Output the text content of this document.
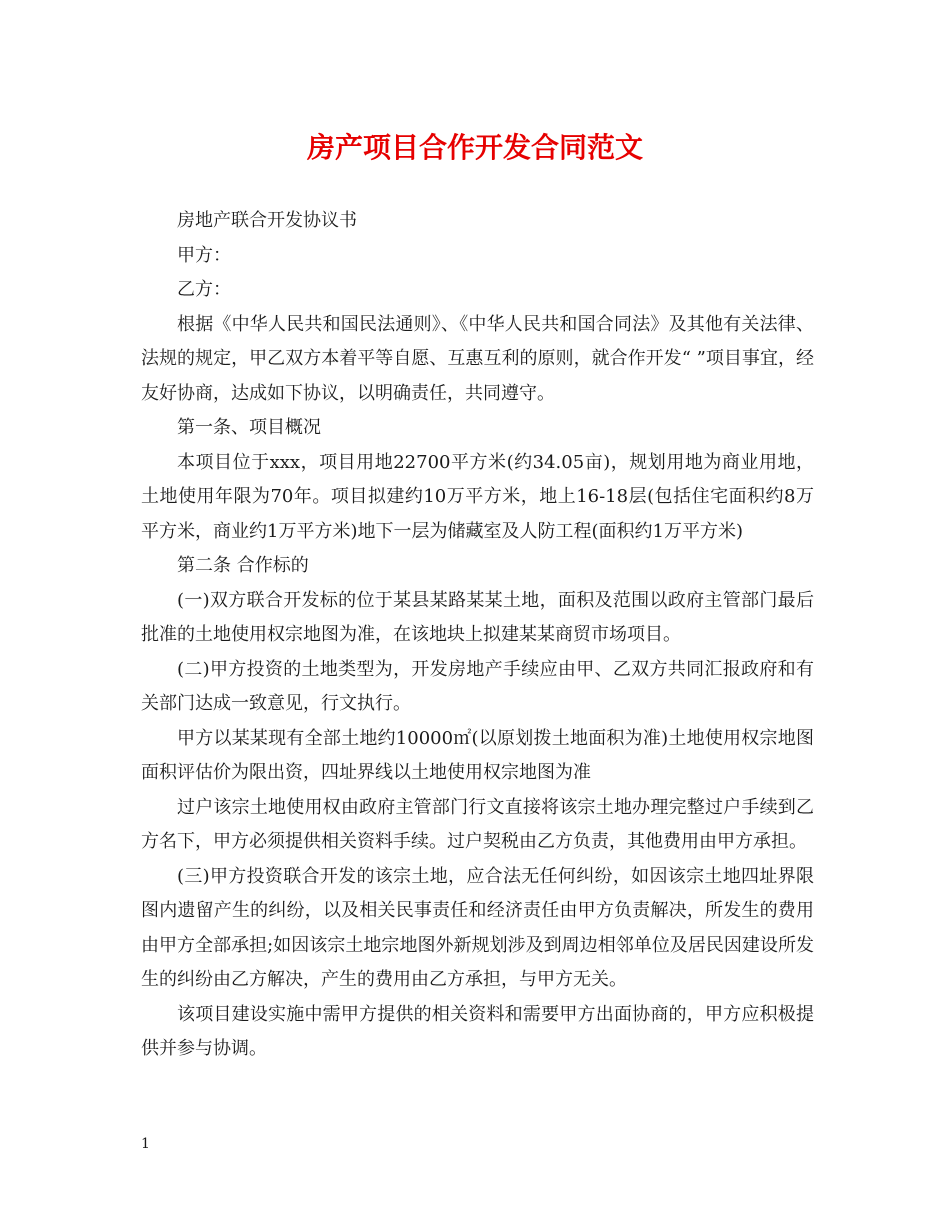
房产项目合作开发合同范文

房地产联合开发协议书

甲方：

乙方：

根据《中华人民共和国民法通则》、《中华人民共和国合同法》及其他有关法律、法规的规定，甲乙双方本着平等自愿、互惠互利的原则，就合作开发“ ”项目事宜，经友好协商，达成如下协议，以明确责任，共同遵守。

第一条、项目概况

本项目位于xxx，项目用地22700平方米(约34.05亩)，规划用地为商业用地，土地使用年限为70年。项目拟建约10万平方米，地上16-18层(包括住宅面积约8万平方米，商业约1万平方米)地下一层为储藏室及人防工程(面积约1万平方米)

第二条 合作标的

(一)双方联合开发标的位于某县某路某某土地，面积及范围以政府主管部门最后批准的土地使用权宗地图为准，在该地块上拟建某某商贸市场项目。

(二)甲方投资的土地类型为，开发房地产手续应由甲、乙双方共同汇报政府和有关部门达成一致意见，行文执行。

甲方以某某现有全部土地约10000㎡(以原划拨土地面积为准)土地使用权宗地图面积评估价为限出资，四址界线以土地使用权宗地图为准

过户该宗土地使用权由政府主管部门行文直接将该宗土地办理完整过户手续到乙方名下，甲方必须提供相关资料手续。过户契税由乙方负责，其他费用由甲方承担。

(三)甲方投资联合开发的该宗土地，应合法无任何纠纷，如因该宗土地四址界限图内遗留产生的纠纷，以及相关民事责任和经济责任由甲方负责解决，所发生的费用由甲方全部承担;如因该宗土地宗地图外新规划涉及到周边相邻单位及居民因建设所发生的纠纷由乙方解决，产生的费用由乙方承担，与甲方无关。

该项目建设实施中需甲方提供的相关资料和需要甲方出面协商的，甲方应积极提供并参与协调。

1
